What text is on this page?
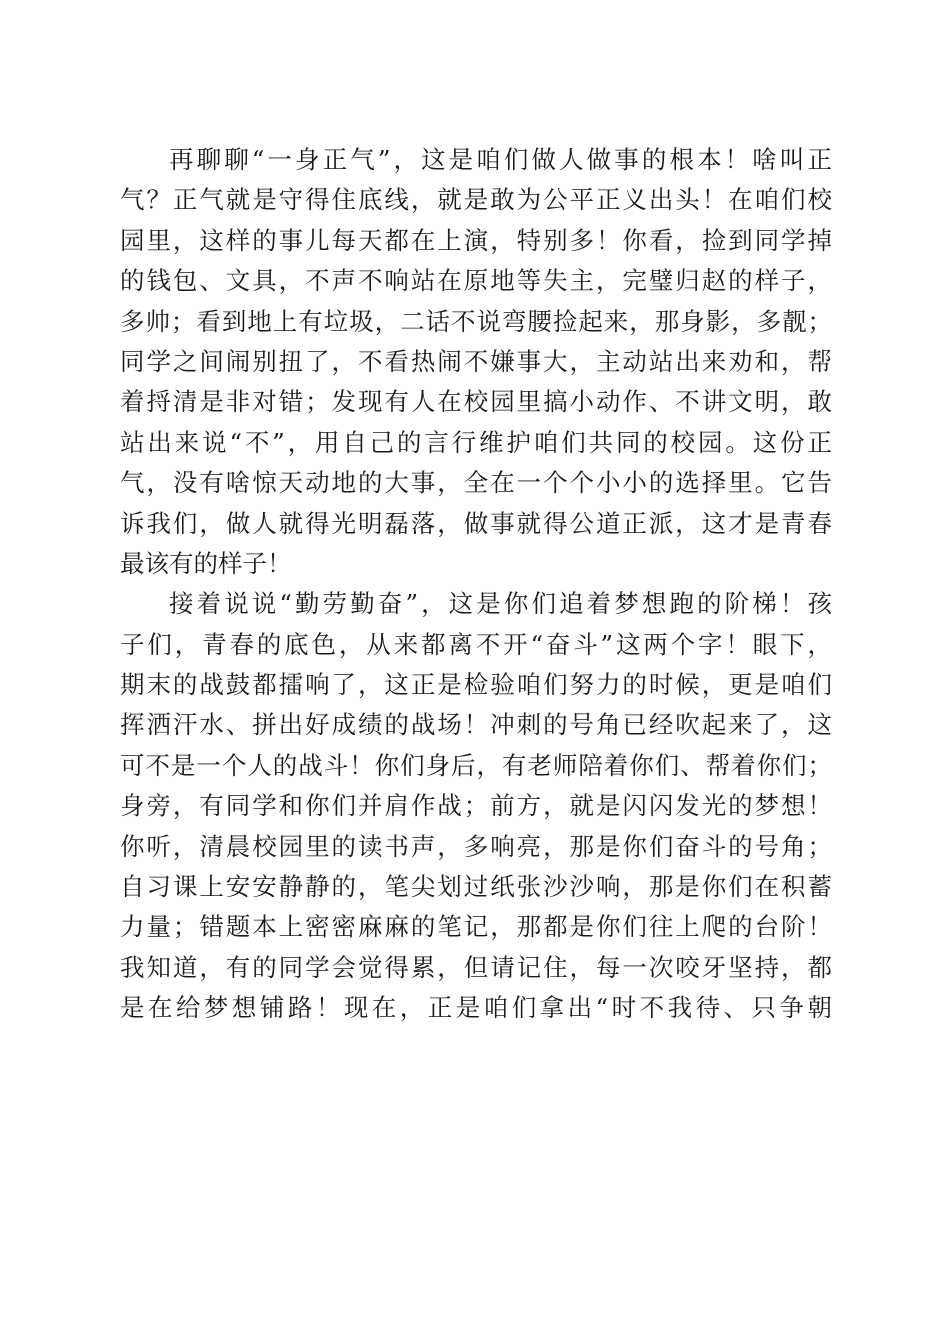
再聊聊“一身正气”，这是咱们做人做事的根本！啥叫正
气？正气就是守得住底线，就是敢为公平正义出头！在咱们校
园里，这样的事儿每天都在上演，特别多！你看，捡到同学掉
的钱包、文具，不声不响站在原地等失主，完璧归赵的样子，
多帅；看到地上有垃圾，二话不说弯腰捡起来，那身影，多靓；
同学之间闹别扭了，不看热闹不嫌事大，主动站出来劝和，帮
着捋清是非对错；发现有人在校园里搞小动作、不讲文明，敢
站出来说“不”，用自己的言行维护咱们共同的校园。这份正
气，没有啥惊天动地的大事，全在一个个小小的选择里。它告
诉我们，做人就得光明磊落，做事就得公道正派，这才是青春
最该有的样子！
接着说说“勤劳勤奋”，这是你们追着梦想跑的阶梯！孩
子们，青春的底色，从来都离不开“奋斗”这两个字！眼下，
期末的战鼓都擂响了，这正是检验咱们努力的时候，更是咱们
挥洒汗水、拼出好成绩的战场！冲刺的号角已经吹起来了，这
可不是一个人的战斗！你们身后，有老师陪着你们、帮着你们；
身旁，有同学和你们并肩作战；前方，就是闪闪发光的梦想！
你听，清晨校园里的读书声，多响亮，那是你们奋斗的号角；
自习课上安安静静的，笔尖划过纸张沙沙响，那是你们在积蓄
力量；错题本上密密麻麻的笔记，那都是你们往上爬的台阶！
我知道，有的同学会觉得累，但请记住，每一次咬牙坚持，都
是在给梦想铺路！现在，正是咱们拿出“时不我待、只争朝
